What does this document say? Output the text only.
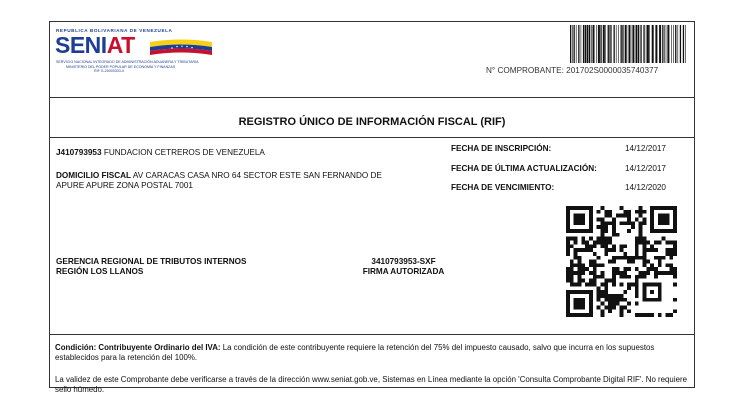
REPUBLICA BOLIVARIANA DE VENEZUELA
SENIAT
SERVICIO NACIONAL INTEGRADO DE ADMINISTRACIÓN ADUANERA Y TRIBUTARIA
MINISTERIO DEL PODER POPULAR DE ECONOMÍA Y FINANZAS
RIF G-20000303-0	N° COMPROBANTE: 201702S0000035740377
REGISTRO ÚNICO DE INFORMACIÓN FISCAL (RIF)
J410793953 FUNDACION CETREROS DE VENEZUELA
DOMICILIO FISCAL AV CARACAS CASA NRO 64 SECTOR ESTE SAN FERNANDO DE
APURE APURE ZONA POSTAL 7001
FECHA DE INSCRIPCIÓN:	14/12/2017
FECHA DE ÚLTIMA ACTUALIZACIÓN:	14/12/2017
FECHA DE VENCIMIENTO:	14/12/2020
GERENCIA REGIONAL DE TRIBUTOS INTERNOS
REGIÓN LOS LLANOS
3410793953-SXF
FIRMA AUTORIZADA
Condición: Contribuyente Ordinario del IVA: La condición de este contribuyente requiere la retención del 75% del impuesto causado, salvo que incurra en los supuestos establecidos para la retención del 100%.
La validez de este Comprobante debe verificarse a través de la dirección www.seniat.gob.ve, Sistemas en Línea mediante la opción 'Consulta Comprobante Digital RIF'. No requiere sello húmedo.
